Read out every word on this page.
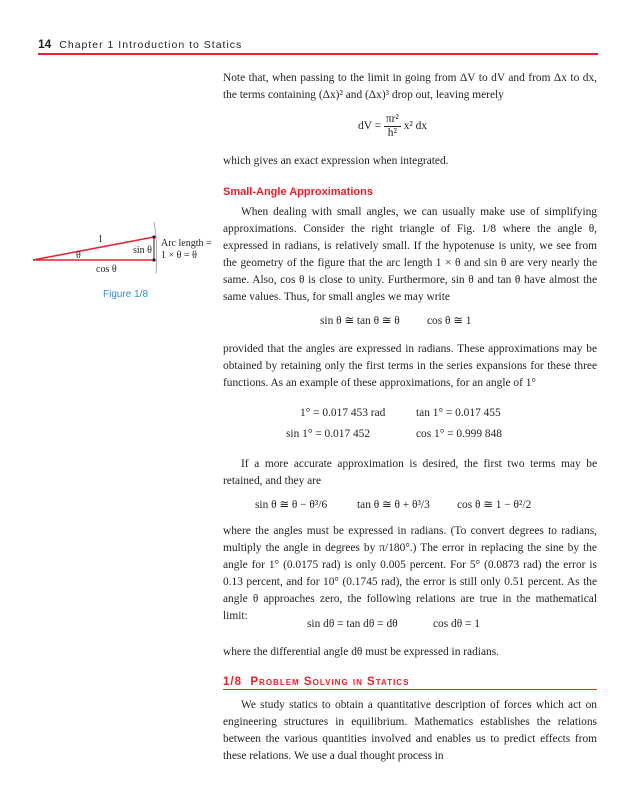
14 Chapter 1 Introduction to Statics
Note that, when passing to the limit in going from ΔV to dV and from Δx to dx, the terms containing (Δx)² and (Δx)³ drop out, leaving merely
dV = $\frac{\text{πr²}}{\text{h²}} x^2$ dx
which gives an exact expression when integrated.
Small-Angle Approximations
1
θ	sin θ
cos θ
Arc length =
1 × θ = θ
Figure 1/8
When dealing with small angles, we can usually make use of simplifying approximations. Consider the right triangle of Fig. 1/8 where the angle θ, expressed in radians, is relatively small. If the hypotenuse is unity, we see from the geometry of the figure that the arc length 1 × θ and sin θ are very nearly the same. Also, cos θ is close to unity. Furthermore, sin θ and tan θ have almost the same values. Thus, for small angles we may write
sin θ ≅ tan θ ≅ θ cos θ ≅ 1
provided that the angles are expressed in radians. These approximations may be obtained by retaining only the first terms in the series expansions for these three functions. As an example of these approximations, for an angle of 1°
1° = 0.017 453 rad	tan 1° = 0.017 455
sin 1° = 0.017 452	cos 1° = 0.999 848
If a more accurate approximation is desired, the first two terms may be retained, and they are
sin θ ≅ θ − θ³/6	tan θ ≅ θ + θ³/3 cos θ ≅ 1 − θ²/2
where the angles must be expressed in radians. (To convert degrees to radians, multiply the angle in degrees by π/180°.) The error in replacing the sine by the angle for 1° (0.0175 rad) is only 0.005 percent. For 5° (0.0873 rad) the error is 0.13 percent, and for 10° (0.1745 rad), the error is still only 0.51 percent. As the angle θ approaches zero, the following relations are true in the mathematical limit:
sin dθ = tan dθ = dθ	cos dθ = 1
where the differential angle dθ must be expressed in radians.
1/8 Problem Solving in Statics
We study statics to obtain a quantitative description of forces which act on engineering structures in equilibrium. Mathematics establishes the relations between the various quantities involved and enables us to predict effects from these relations. We use a dual thought process in
